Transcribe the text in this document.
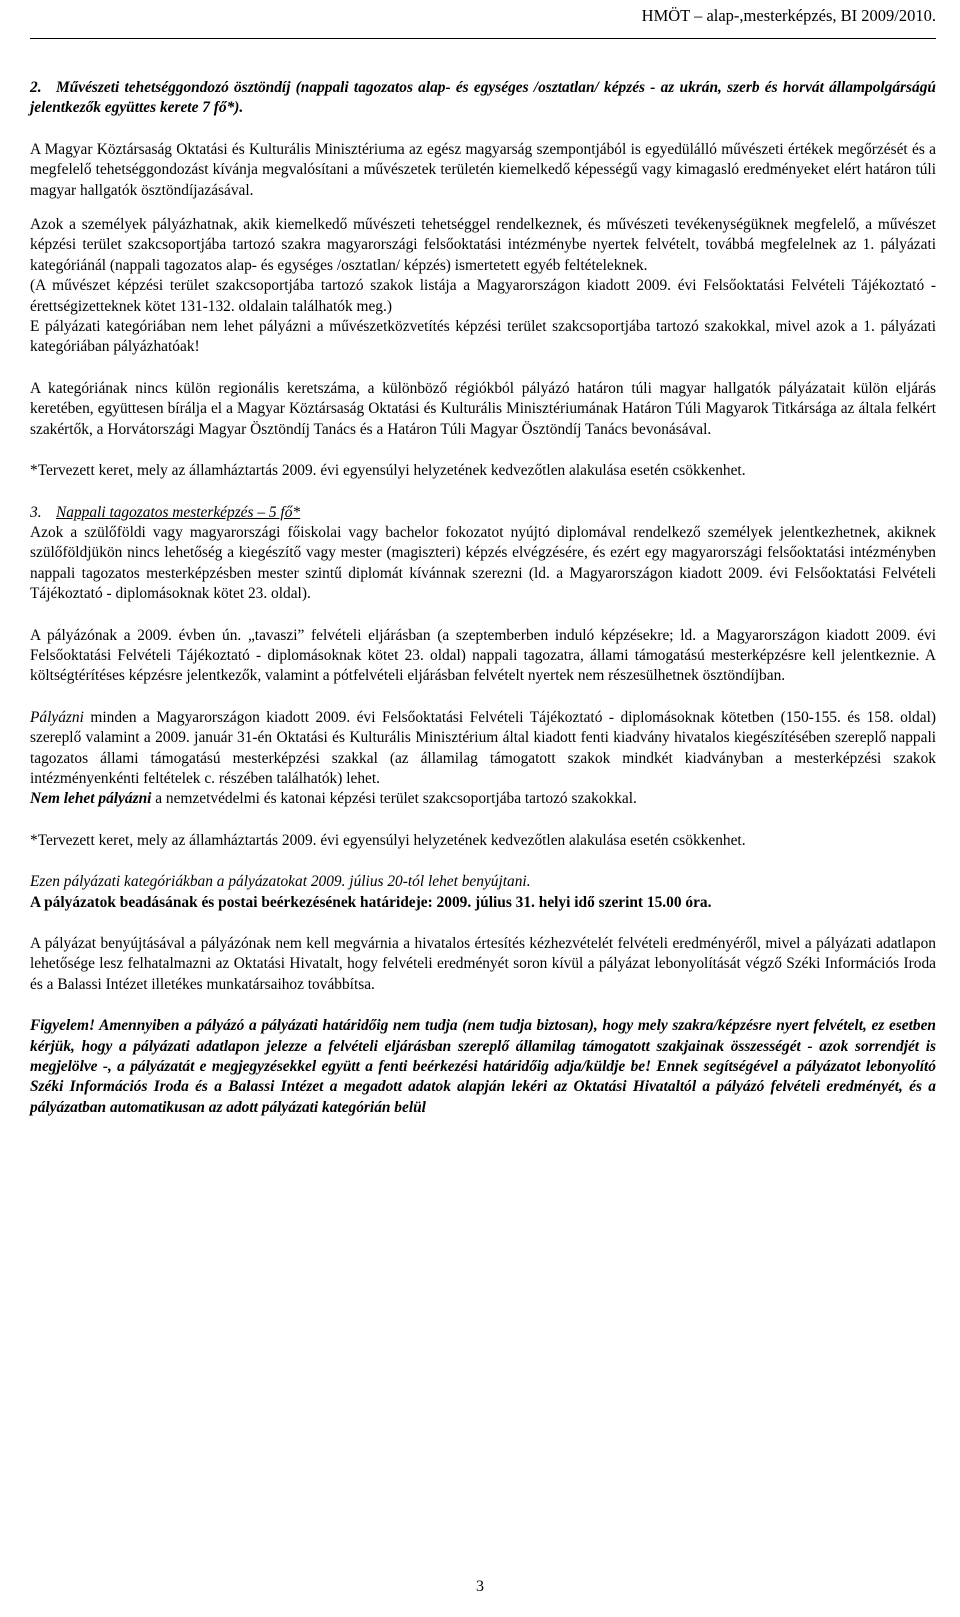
HMÖT – alap-,mesterképzés, BI 2009/2010.

2. Művészeti tehetséggondozó ösztöndíj (nappali tagozatos alap- és egységes /osztatlan/ képzés - az ukrán, szerb és horvát állampolgárságú jelentkezők együttes kerete 7 fő*).

A Magyar Köztársaság Oktatási és Kulturális Minisztériuma az egész magyarság szempontjából is egyedülálló művészeti értékek megőrzését és a megfelelő tehetséggondozást kívánja megvalósítani a művészetek területén kiemelkedő képességű vagy kimagasló eredményeket elért határon túli magyar hallgatók ösztöndíjazásával.

Azok a személyek pályázhatnak, akik kiemelkedő művészeti tehetséggel rendelkeznek, és művészeti tevékenységüknek megfelelő, a művészet képzési terület szakcsoportjába tartozó szakra magyarországi felsőoktatási intézménybe nyertek felvételt, továbbá megfelelnek az 1. pályázati kategóriánál (nappali tagozatos alap- és egységes /osztatlan/ képzés) ismertetett egyéb feltételeknek.

(A művészet képzési terület szakcsoportjába tartozó szakok listája a Magyarországon kiadott 2009. évi Felsőoktatási Felvételi Tájékoztató - érettségizetteknek kötet 131-132. oldalain találhatók meg.)

E pályázati kategóriában nem lehet pályázni a művészetközvetítés képzési terület szakcsoportjába tartozó szakokkal, mivel azok a 1. pályázati kategóriában pályázhatóak!

A kategóriának nincs külön regionális keretszáma, a különböző régiókból pályázó határon túli magyar hallgatók pályázatait külön eljárás keretében, együttesen bírálja el a Magyar Köztársaság Oktatási és Kulturális Minisztériumának Határon Túli Magyarok Titkársága az általa felkért szakértők, a Horvátországi Magyar Ösztöndíj Tanács és a Határon Túli Magyar Ösztöndíj Tanács bevonásával.

*Tervezett keret, mely az államháztartás 2009. évi egyensúlyi helyzetének kedvezőtlen alakulása esetén csökkenhet.

3. Nappali tagozatos mesterképzés – 5 fő*

Azok a szülőföldi vagy magyarországi főiskolai vagy bachelor fokozatot nyújtó diplomával rendelkező személyek jelentkezhetnek, akiknek szülőföldjükön nincs lehetőség a kiegészítő vagy mester (magiszteri) képzés elvégzésére, és ezért egy magyarországi felsőoktatási intézményben nappali tagozatos mesterképzésben mester szintű diplomát kívánnak szerezni (ld. a Magyarországon kiadott 2009. évi Felsőoktatási Felvételi Tájékoztató - diplomásoknak kötet 23. oldal).

A pályázónak a 2009. évben ún. „tavaszi” felvételi eljárásban (a szeptemberben induló képzésekre; ld. a Magyarországon kiadott 2009. évi Felsőoktatási Felvételi Tájékoztató - diplomásoknak kötet 23. oldal) nappali tagozatra, állami támogatású mesterképzésre kell jelentkeznie. A költségtérítéses képzésre jelentkezők, valamint a pótfelvételi eljárásban felvételt nyertek nem részesülhetnek ösztöndíjban.

Pályázni minden a Magyarországon kiadott 2009. évi Felsőoktatási Felvételi Tájékoztató - diplomásoknak kötetben (150-155. és 158. oldal) szereplő valamint a 2009. január 31-én Oktatási és Kulturális Minisztérium által kiadott fenti kiadvány hivatalos kiegészítésében szereplő nappali tagozatos állami támogatású mesterképzési szakkal (az államilag támogatott szakok mindkét kiadványban a mesterképzési szakok intézményenkénti feltételek c. részében találhatók) lehet.

Nem lehet pályázni a nemzetvédelmi és katonai képzési terület szakcsoportjába tartozó szakokkal.

*Tervezett keret, mely az államháztartás 2009. évi egyensúlyi helyzetének kedvezőtlen alakulása esetén csökkenhet.

Ezen pályázati kategóriákban a pályázatokat 2009. július 20-tól lehet benyújtani.

A pályázatok beadásának és postai beérkezésének határideje: 2009. július 31. helyi idő szerint 15.00 óra.

A pályázat benyújtásával a pályázónak nem kell megvárnia a hivatalos értesítés kézhezvételét felvételi eredményéről, mivel a pályázati adatlapon lehetősége lesz felhatalmazni az Oktatási Hivatalt, hogy felvételi eredményét soron kívül a pályázat lebonyolítását végző Széki Információs Iroda és a Balassi Intézet illetékes munkatársaihoz továbbítsa.

Figyelem! Amennyiben a pályázó a pályázati határidőig nem tudja (nem tudja biztosan), hogy mely szakra/képzésre nyert felvételt, ez esetben kérjük, hogy a pályázati adatlapon jelezze a felvételi eljárásban szereplő államilag támogatott szakjainak összességét - azok sorrendjét is megjelölve -, a pályázatát e megjegyzésekkel együtt a fenti beérkezési határidőig adja/küldje be! Ennek segítségével a pályázatot lebonyolító Széki Információs Iroda és a Balassi Intézet a megadott adatok alapján lekéri az Oktatási Hivataltól a pályázó felvételi eredményét, és a pályázatban automatikusan az adott pályázati kategórián belül

3
